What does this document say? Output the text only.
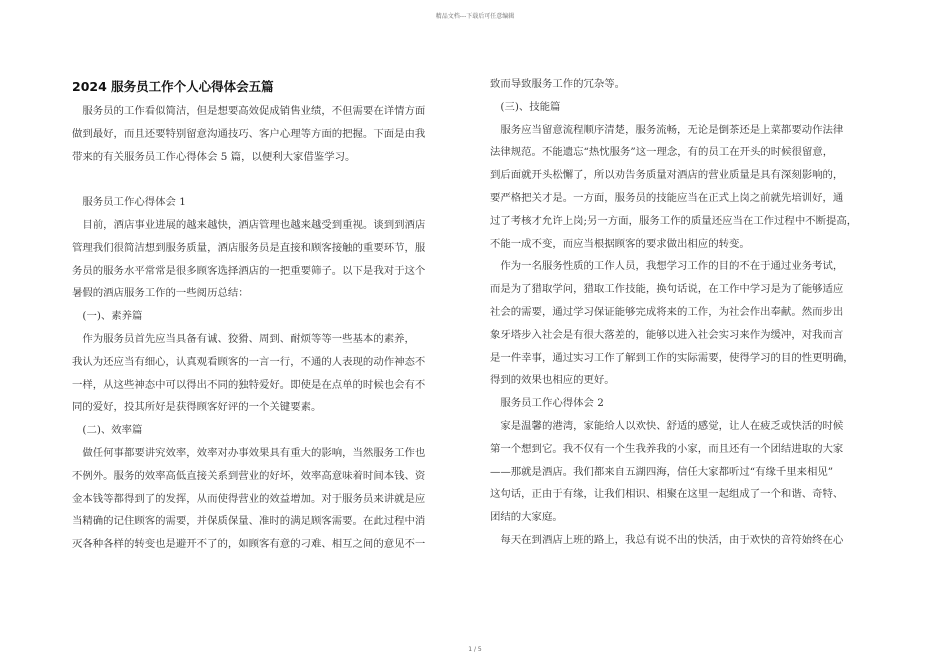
精品文档---下载后可任意编辑
2024 服务员工作个人心得体会五篇

　服务员的工作看似简洁，但是想要高效促成销售业绩，不但需要在详情方面

做到最好，而且还要特别留意沟通技巧、客户心理等方面的把握。下面是由我

带来的有关服务员工作心得体会 5 篇，以便利大家借鉴学习。

　服务员工作心得体会 1

　目前，酒店事业进展的越来越快，酒店管理也越来越受到重视。谈到到酒店

管理我们很简洁想到服务质量，酒店服务员是直接和顾客接触的重要环节，服

务员的服务水平常常是很多顾客选择酒店的一把重要筛子。以下是我对于这个

暑假的酒店服务工作的一些阅历总结：

　(一)、素养篇

　作为服务员首先应当具备有诚、狡猾、周到、耐烦等等一些基本的素养，

我认为还应当有细心，认真观看顾客的一言一行，不通的人表现的动作神态不

一样，从这些神态中可以得出不同的独特爱好。即使是在点单的时候也会有不

同的爱好，投其所好是获得顾客好评的一个关键要素。

　(二)、效率篇

　做任何事都要讲究效率，效率对办事效果具有重大的影响，当然服务工作也

不例外。服务的效率高低直接关系到营业的好坏，效率高意味着时间本钱、资

金本钱等都得到了的发挥，从而使得营业的效益增加。对于服务员来讲就是应

当精确的记住顾客的需要，并保质保量、准时的满足顾客需要。在此过程中消

灭各种各样的转变也是避开不了的，如顾客有意的刁难、相互之间的意见不一

致而导致服务工作的冗杂等。

　(三)、技能篇

　服务应当留意流程顺序清楚，服务流畅，无论是倒茶还是上菜都要动作法律

法律规范。不能遗忘“热忱服务”这一理念，有的员工在开头的时候很留意，

到后面就开头松懈了，所以劝告务质量对酒店的营业质量是具有深刻影响的，

要严格把关才是。一方面，服务员的技能应当在正式上岗之前就先培训好，通

过了考核才允许上岗;另一方面，服务工作的质量还应当在工作过程中不断提高，

不能一成不变，而应当根据顾客的要求做出相应的转变。

　作为一名服务性质的工作人员，我想学习工作的目的不在于通过业务考试，

而是为了猎取学问，猎取工作技能，换句话说，在工作中学习是为了能够适应

社会的需要，通过学习保证能够完成将来的工作，为社会作出奉献。然而步出

象牙塔步入社会是有很大落差的，能够以进入社会实习来作为缓冲，对我而言

是一件幸事，通过实习工作了解到工作的实际需要，使得学习的目的性更明确，

得到的效果也相应的更好。

　服务员工作心得体会 2

　家是温馨的港湾，家能给人以欢快、舒适的感觉，让人在疲乏或快活的时候

第一个想到它。我不仅有一个生我养我的小家，而且还有一个团结进取的大家

——那就是酒店。我们都来自五湖四海，信任大家都听过“有缘千里来相见”

这句话，正由于有缘，让我们相识、相聚在这里一起组成了一个和谐、奇特、

团结的大家庭。

　每天在到酒店上班的路上，我总有说不出的快活，由于欢快的音符始终在心

1 / 5
